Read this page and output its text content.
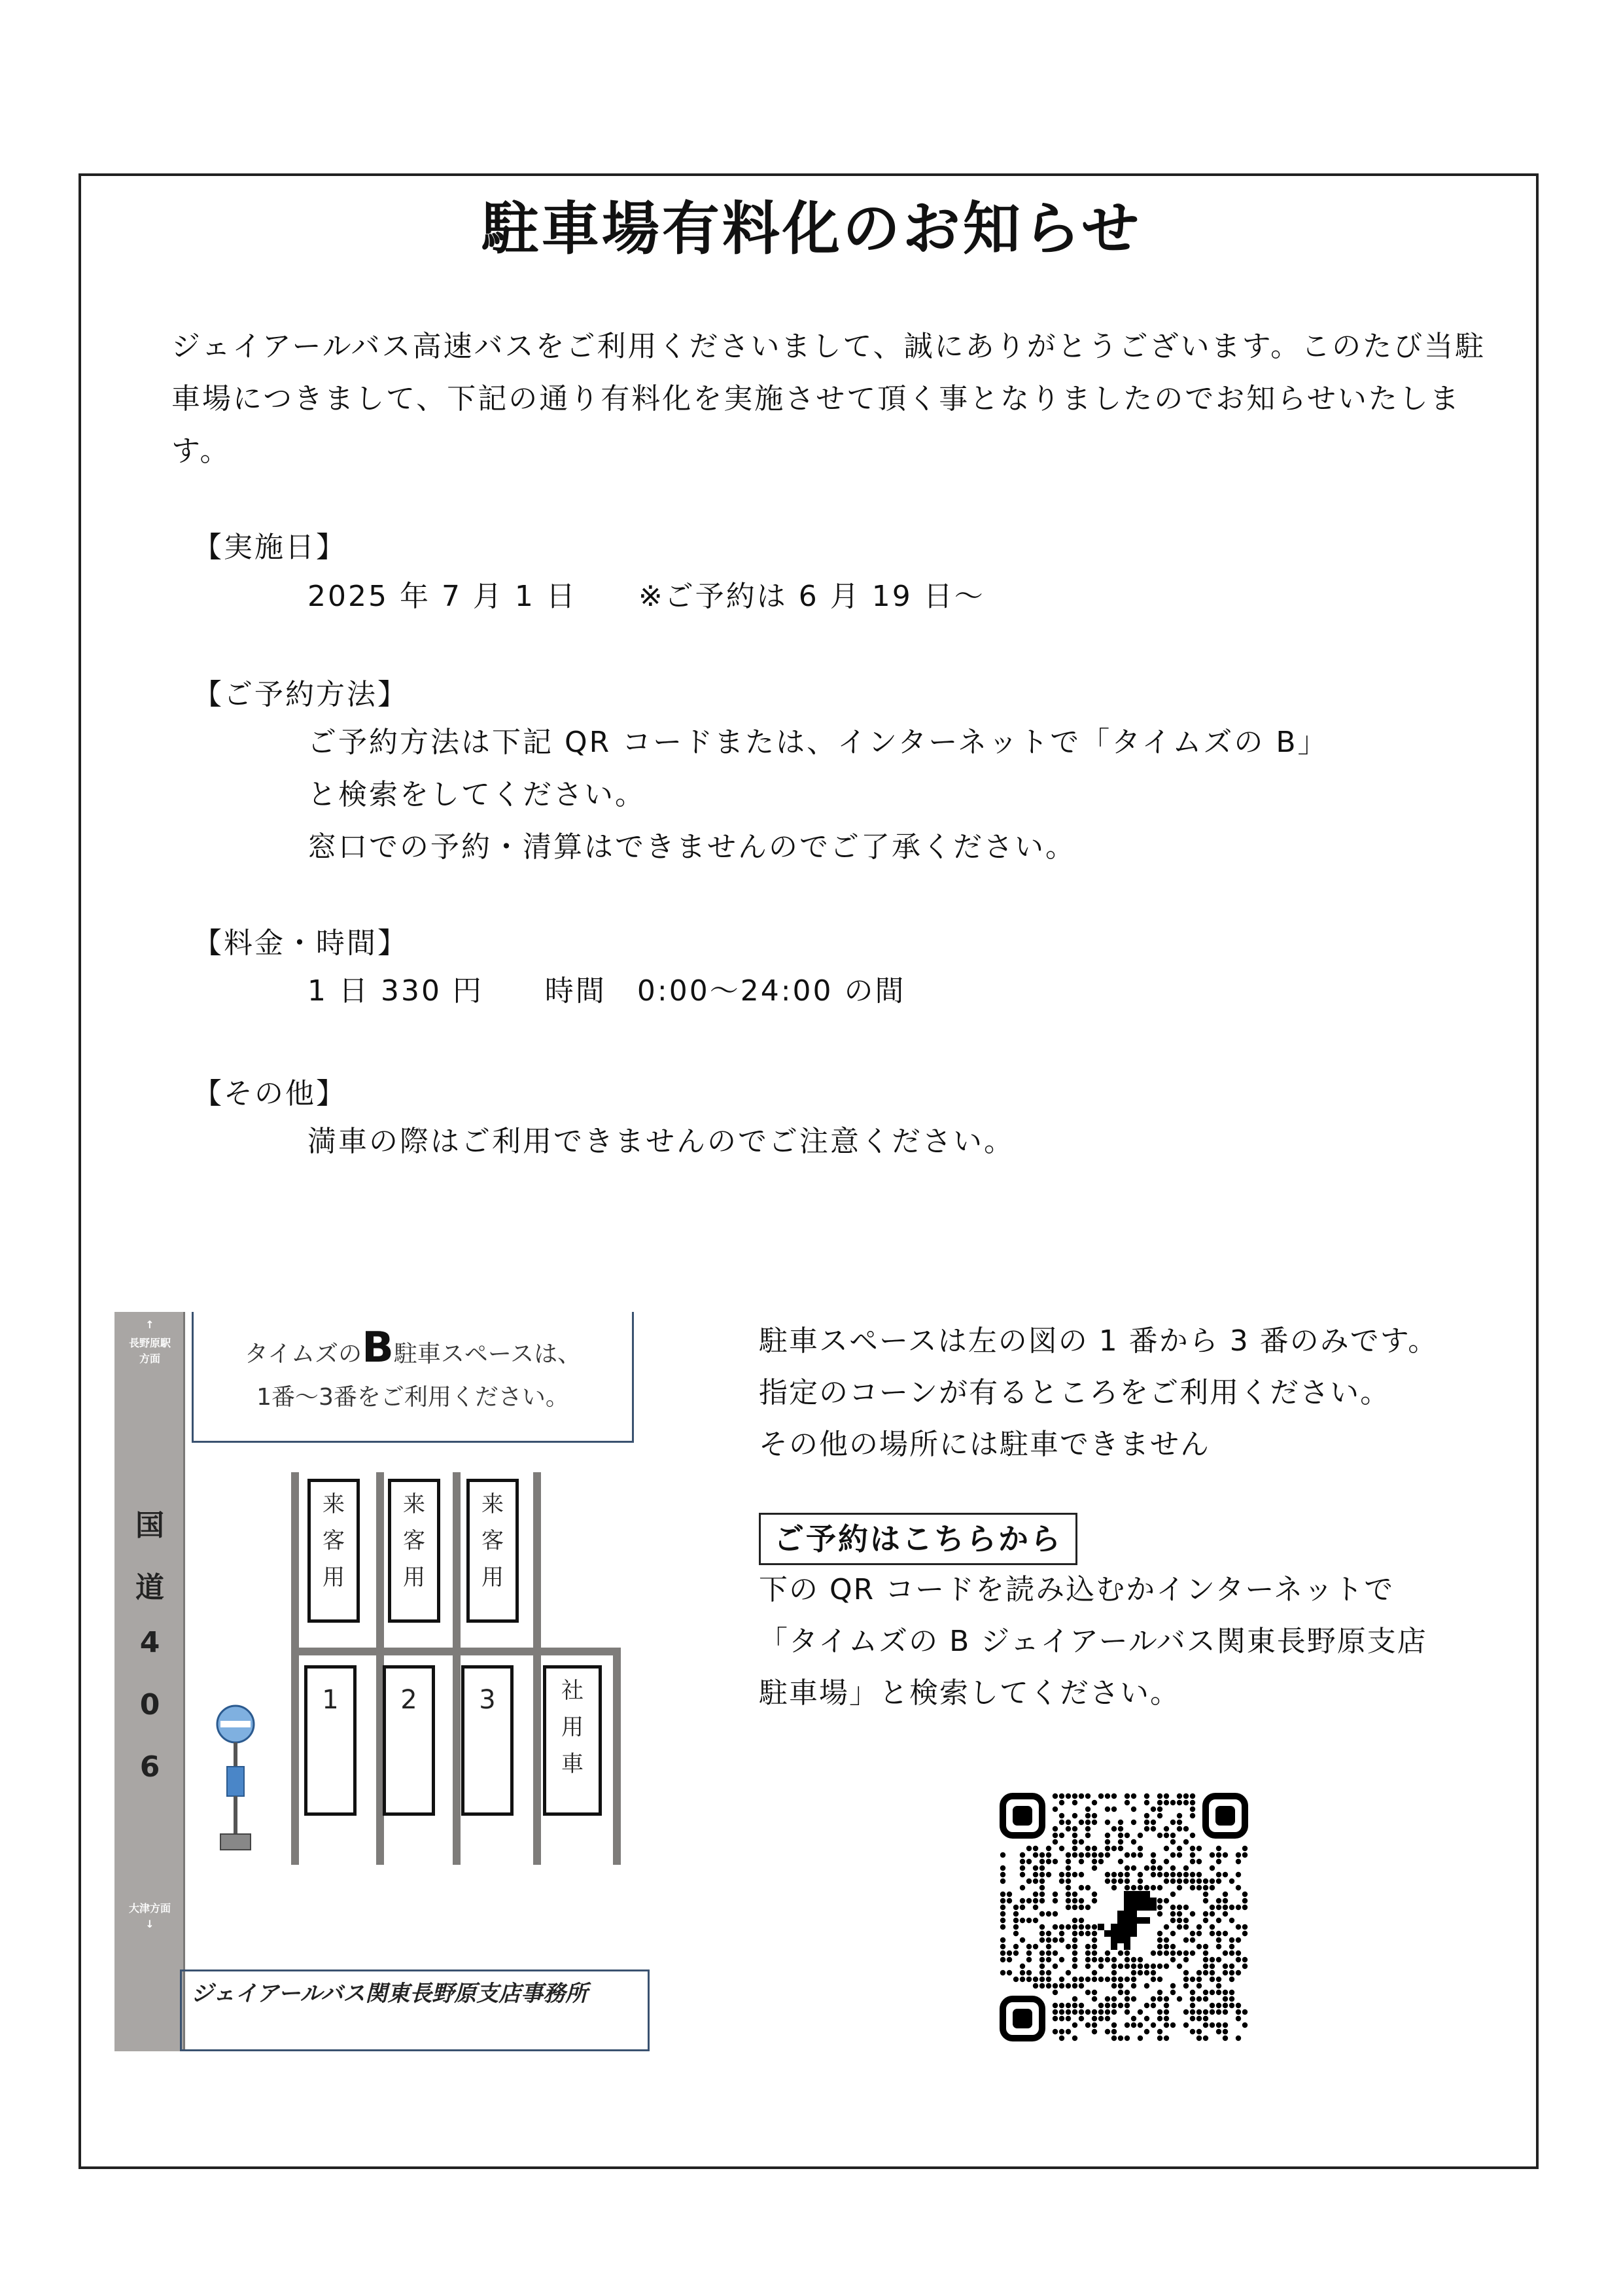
駐車場有料化のお知らせ
ジェイアールバス高速バスをご利用くださいまして、誠にありがとうございます。このたび当駐車場につきまして、下記の通り有料化を実施させて頂く事となりましたのでお知らせいたします。
【実施日】
2025 年 7 月 1 日　　※ご予約は 6 月 19 日〜
【ご予約方法】
ご予約方法は下記 QR コードまたは、インターネットで「タイムズの B」
と検索をしてください。
窓口での予約・清算はできませんのでご了承ください。
【料金・時間】
1 日 330 円　　時間　0:00〜24:00 の間
【その他】
満車の際はご利用できませんのでご注意ください。
↑
長野原駅
方面
国
道
4
0
6
大津方面
↓
タイムズのB駐車スペースは、
1番〜3番をご利用ください。
来
客
用
来
客
用
来
客
用
1	2	3	社
用
車
ジェイアールバス関東長野原支店事務所
駐車スペースは左の図の 1 番から 3 番のみです。
指定のコーンが有るところをご利用ください。
その他の場所には駐車できません
ご予約はこちらから
下の QR コードを読み込むかインターネットで
「タイムズの B ジェイアールバス関東長野原支店
駐車場」と検索してください。
